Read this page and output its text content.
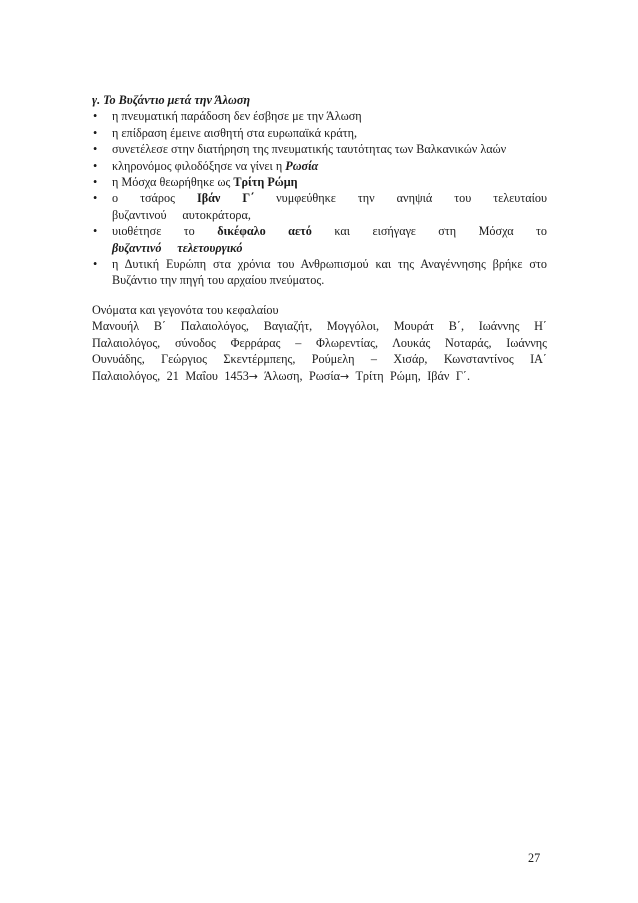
γ. Το Βυζάντιο μετά την Άλωση

• η πνευματική παράδοση δεν έσβησε με την Άλωση
• η επίδραση έμεινε αισθητή στα ευρωπαϊκά κράτη,
• συνετέλεσε στην διατήρηση της πνευματικής ταυτότητας των Βαλκανικών λαών
• κληρονόμος φιλοδόξησε να γίνει η Ρωσία
• η Μόσχα θεωρήθηκε ως Τρίτη Ρώμη
• ο τσάρος Ιβάν Γ΄ νυμφεύθηκε την ανηψιά του τελευταίου βυζαντινού αυτοκράτορα,
• υιοθέτησε το δικέφαλο αετό και εισήγαγε στη Μόσχα το βυζαντινό τελετουργικό
• η Δυτική Ευρώπη στα χρόνια του Ανθρωπισμού και της Αναγέννησης βρήκε στο Βυζάντιο την πηγή του αρχαίου πνεύματος.

Ονόματα και γεγονότα του κεφαλαίου

Μανουήλ Β΄ Παλαιολόγος, Βαγιαζήτ, Μογγόλοι, Μουράτ Β΄, Ιωάννης Η΄ Παλαιολόγος, σύνοδος Φερράρας – Φλωρεντίας, Λουκάς Νοταράς, Ιωάννης Ουνυάδης, Γεώργιος Σκεντέρμπεης, Ρούμελη – Χισάρ, Κωνσταντίνος ΙΑ΄ Παλαιολόγος, 21 Μαΐου 1453→ Άλωση, Ρωσία→ Τρίτη Ρώμη, Ιβάν Γ΄.

27
